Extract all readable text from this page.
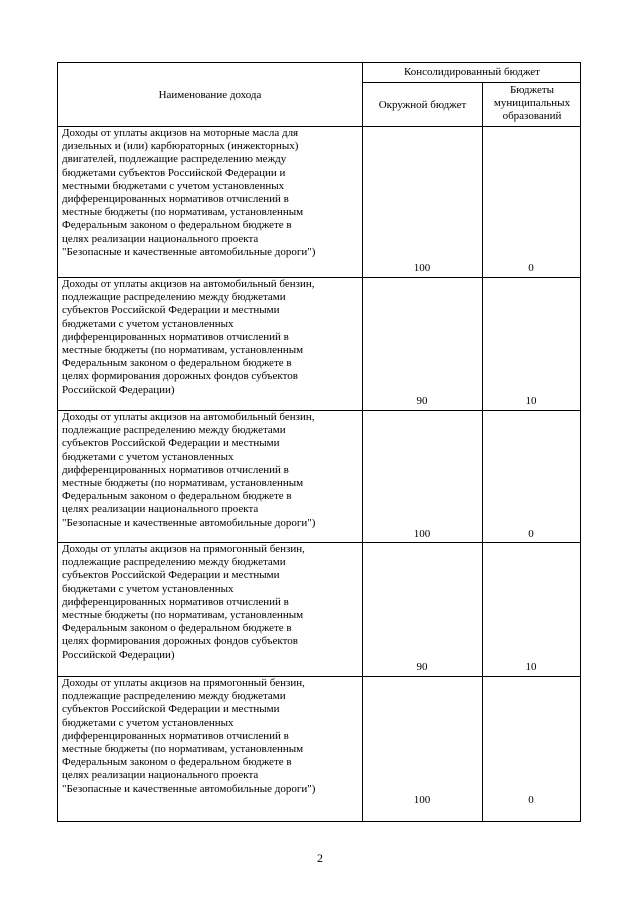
Наименование дохода
Консолидированный бюджет
Окружной бюджет
Бюджеты
муниципальных
образований
Доходы от уплаты акцизов на моторные масла для
дизельных и (или) карбюраторных (инжекторных)
двигателей, подлежащие распределению между
бюджетами субъектов Российской Федерации и
местными бюджетами с учетом установленных
дифференцированных нормативов отчислений в
местные бюджеты (по нормативам, установленным
Федеральным законом о федеральном бюджете в
целях реализации национального проекта
"Безопасные и качественные автомобильные дороги")
100	0
Доходы от уплаты акцизов на автомобильный бензин,
подлежащие распределению между бюджетами
субъектов Российской Федерации и местными
бюджетами с учетом установленных
дифференцированных нормативов отчислений в
местные бюджеты (по нормативам, установленным
Федеральным законом о федеральном бюджете в
целях формирования дорожных фондов субъектов
Российской Федерации)
90	10
Доходы от уплаты акцизов на автомобильный бензин,
подлежащие распределению между бюджетами
субъектов Российской Федерации и местными
бюджетами с учетом установленных
дифференцированных нормативов отчислений в
местные бюджеты (по нормативам, установленным
Федеральным законом о федеральном бюджете в
целях реализации национального проекта
"Безопасные и качественные автомобильные дороги")
100	0
Доходы от уплаты акцизов на прямогонный бензин,
подлежащие распределению между бюджетами
субъектов Российской Федерации и местными
бюджетами с учетом установленных
дифференцированных нормативов отчислений в
местные бюджеты (по нормативам, установленным
Федеральным законом о федеральном бюджете в
целях формирования дорожных фондов субъектов
Российской Федерации)
90	10
Доходы от уплаты акцизов на прямогонный бензин,
подлежащие распределению между бюджетами
субъектов Российской Федерации и местными
бюджетами с учетом установленных
дифференцированных нормативов отчислений в
местные бюджеты (по нормативам, установленным
Федеральным законом о федеральном бюджете в
целях реализации национального проекта
"Безопасные и качественные автомобильные дороги")
100	0
2
